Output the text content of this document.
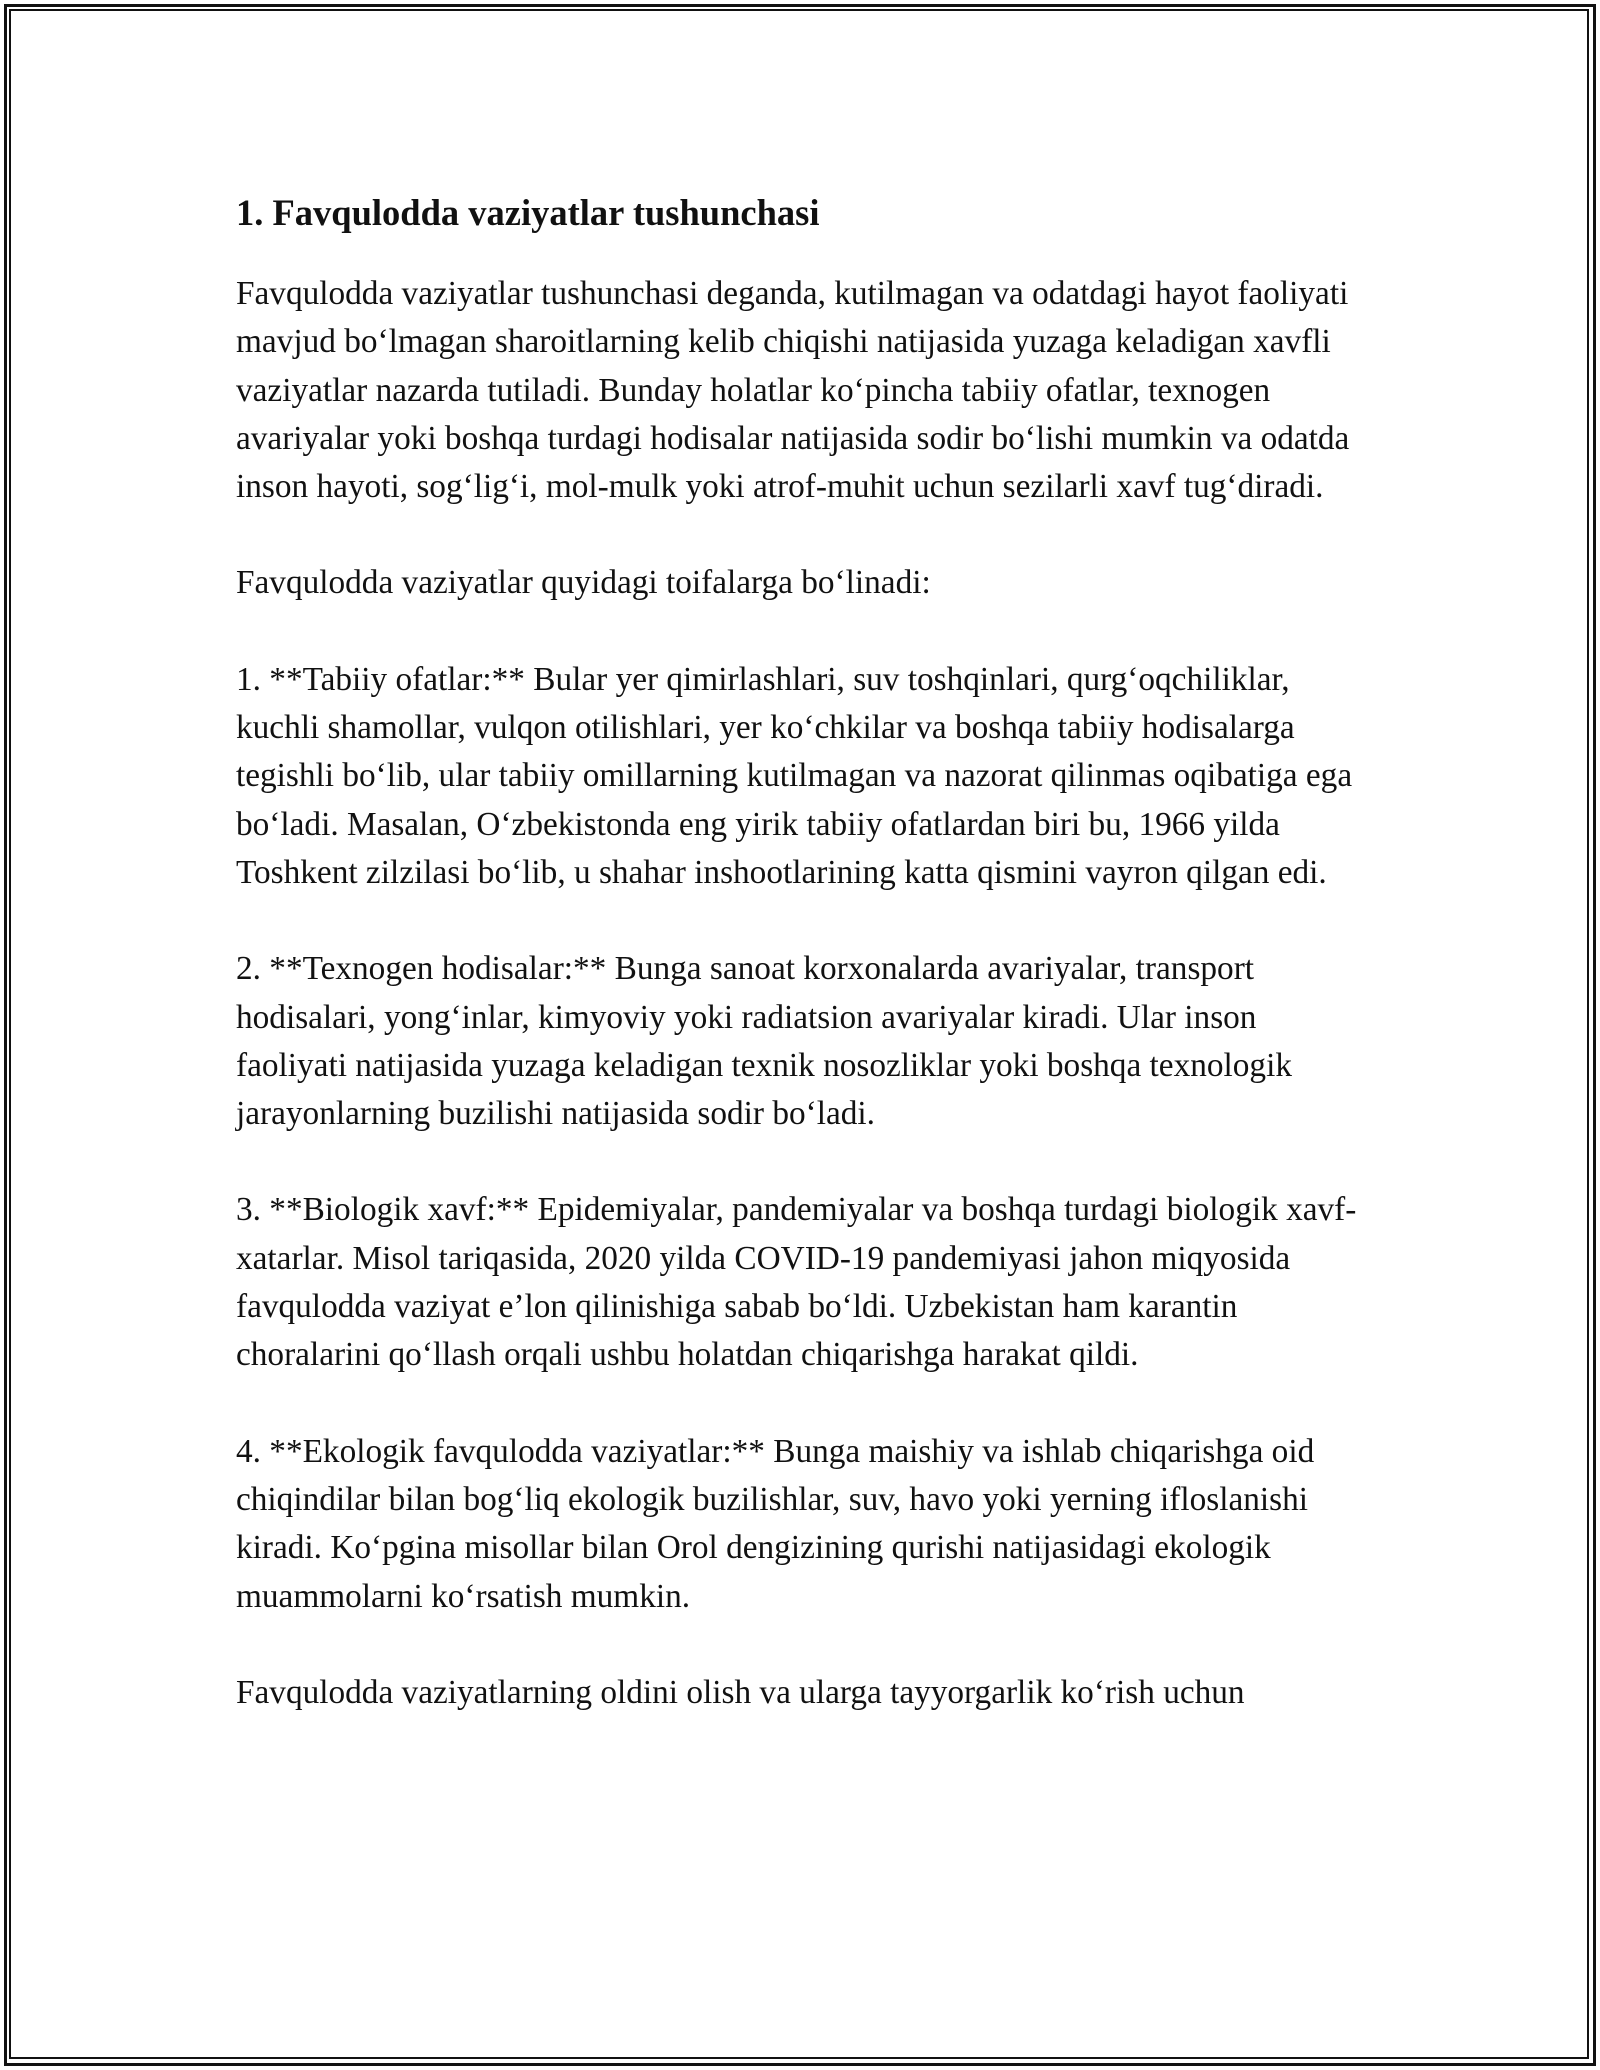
1. Favqulodda vaziyatlar tushunchasi

Favqulodda vaziyatlar tushunchasi deganda, kutilmagan va odatdagi hayot faoliyati mavjud bo‘lmagan sharoitlarning kelib chiqishi natijasida yuzaga keladigan xavfli vaziyatlar nazarda tutiladi. Bunday holatlar ko‘pincha tabiiy ofatlar, texnogen avariyalar yoki boshqa turdagi hodisalar natijasida sodir bo‘lishi mumkin va odatda inson hayoti, sog‘lig‘i, mol-mulk yoki atrof-muhit uchun sezilarli xavf tug‘diradi.

Favqulodda vaziyatlar quyidagi toifalarga bo‘linadi:

1. **Tabiiy ofatlar:** Bular yer qimirlashlari, suv toshqinlari, qurg‘oqchiliklar, kuchli shamollar, vulqon otilishlari, yer ko‘chkilar va boshqa tabiiy hodisalarga tegishli bo‘lib, ular tabiiy omillarning kutilmagan va nazorat qilinmas oqibatiga ega bo‘ladi. Masalan, O‘zbekistonda eng yirik tabiiy ofatlardan biri bu, 1966 yilda Toshkent zilzilasi bo‘lib, u shahar inshootlarining katta qismini vayron qilgan edi.

2. **Texnogen hodisalar:** Bunga sanoat korxonalarda avariyalar, transport hodisalari, yong‘inlar, kimyoviy yoki radiatsion avariyalar kiradi. Ular inson faoliyati natijasida yuzaga keladigan texnik nosozliklar yoki boshqa texnologik jarayonlarning buzilishi natijasida sodir bo‘ladi.

3. **Biologik xavf:** Epidemiyalar, pandemiyalar va boshqa turdagi biologik xavf-xatarlar. Misol tariqasida, 2020 yilda COVID-19 pandemiyasi jahon miqyosida favqulodda vaziyat e’lon qilinishiga sabab bo‘ldi. Uzbekistan ham karantin choralarini qo‘llash orqali ushbu holatdan chiqarishga harakat qildi.

4. **Ekologik favqulodda vaziyatlar:** Bunga maishiy va ishlab chiqarishga oid chiqindilar bilan bog‘liq ekologik buzilishlar, suv, havo yoki yerning ifloslanishi kiradi. Ko‘pgina misollar bilan Orol dengizining qurishi natijasidagi ekologik muammolarni ko‘rsatish mumkin.

Favqulodda vaziyatlarning oldini olish va ularga tayyorgarlik ko‘rish uchun
